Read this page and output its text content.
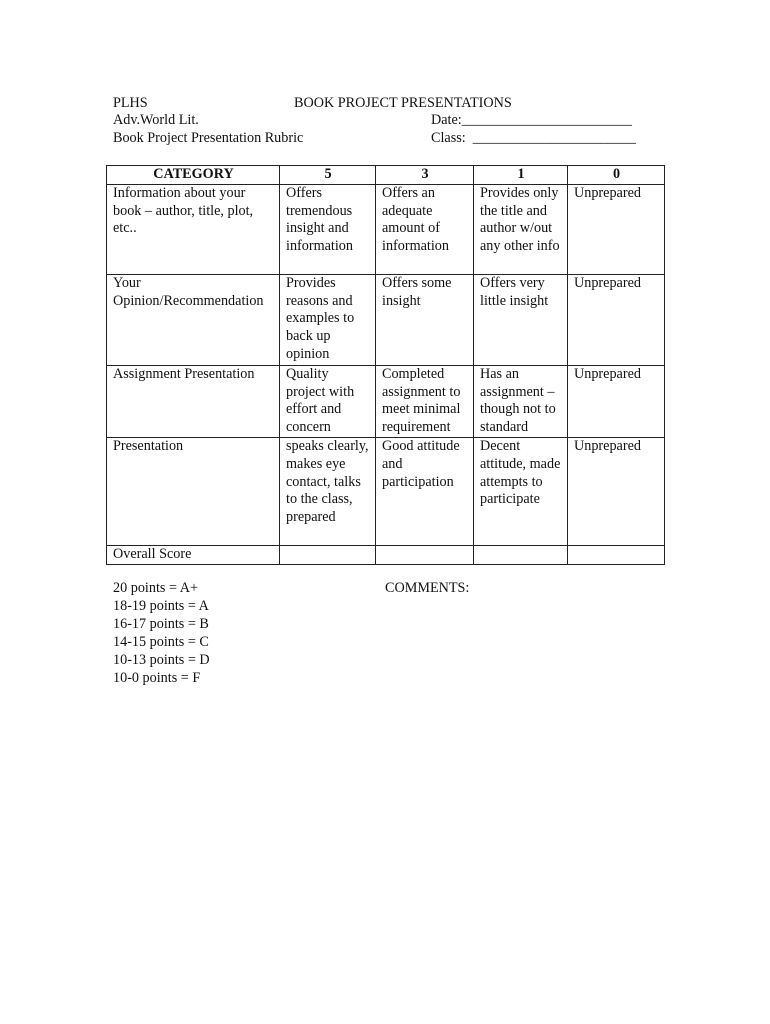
PLHS	BOOK PROJECT PRESENTATIONS
Adv.World Lit.	Date:________________________
Book Project Presentation Rubric	Class:  _______________________
CATEGORY	5	3	1	0
Information about your book – author, title, plot, etc..	Offers tremendous insight and information	Offers an adequate amount of information	Provides only the title and author w/out any other info	Unprepared
Your Opinion/Recommendation	Provides reasons and examples to back up opinion	Offers some insight	Offers very little insight	Unprepared
Assignment Presentation	Quality project with effort and concern	Completed assignment to meet minimal requirement	Has an assignment – though not to standard	Unprepared
Presentation	speaks clearly, makes eye contact, talks to the class, prepared	Good attitude and participation	Decent attitude, made attempts to participate	Unprepared
Overall Score				
20 points = A+
18-19 points = A
16-17 points = B
14-15 points = C
10-13 points = D
10-0 points = F
COMMENTS:
